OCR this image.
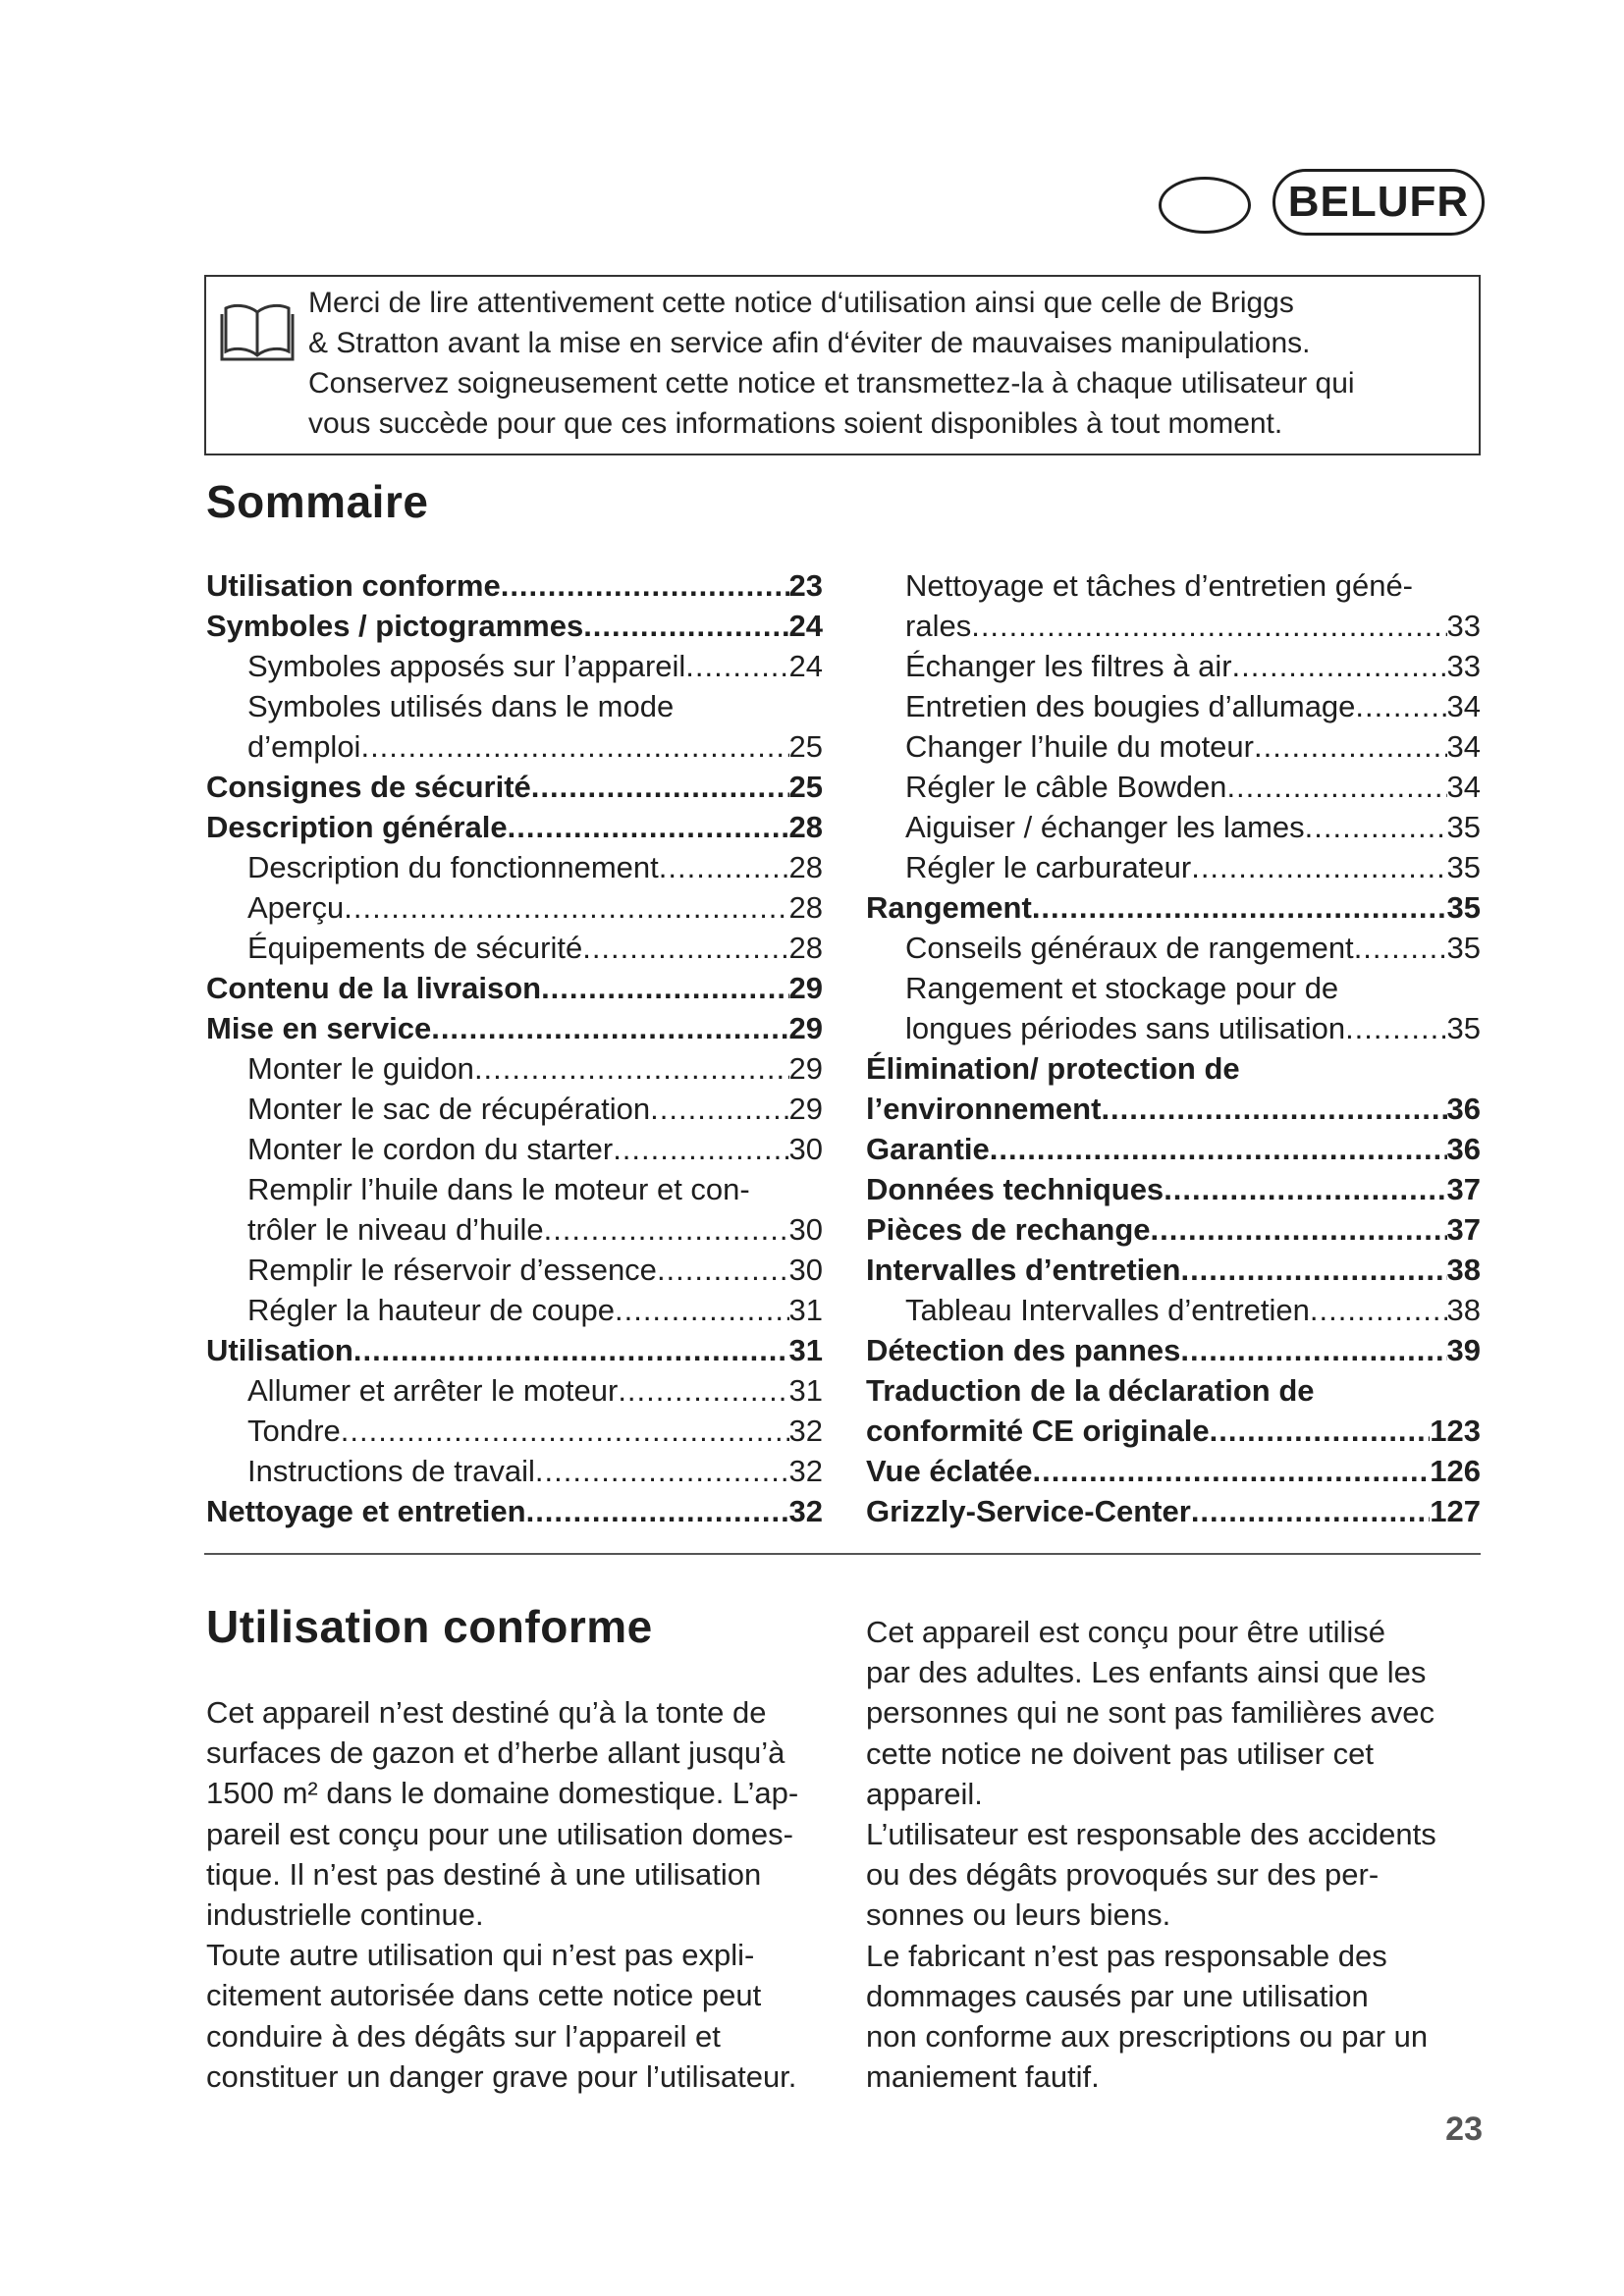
BELUFR
Merci de lire attentivement cette notice d‘utilisation ainsi que celle de Briggs
& Stratton avant la mise en service afin d‘éviter de mauvaises manipulations.
Conservez soigneusement cette notice et transmettez-la à chaque utilisateur qui
vous succède pour que ces informations soient disponibles à tout moment.
Sommaire
Utilisation conforme .....	23
Symboles / pictogrammes .....	24
Symboles apposés sur l’appareil .....	24
Symboles utilisés dans le mode
d’emploi .....	25
Consignes de sécurité .....	25
Description générale .....	28
Description du fonctionnement .....	28
Aperçu .....	28
Équipements de sécurité .....	28
Contenu de la livraison .....	29
Mise en service .....	29
Monter le guidon .....	29
Monter le sac de récupération .....	29
Monter le cordon du starter .....	30
Remplir l’huile dans le moteur et con-
trôler le niveau d’huile .....	30
Remplir le réservoir d’essence .....	30
Régler la hauteur de coupe .....	31
Utilisation .....	31
Allumer et arrêter le moteur .....	31
Tondre .....	32
Instructions de travail .....	32
Nettoyage et entretien .....	32
Nettoyage et tâches d’entretien géné-
rales .....	33
Échanger les filtres à air .....	33
Entretien des bougies d’allumage .....	34
Changer l’huile du moteur .....	34
Régler le câble Bowden .....	34
Aiguiser / échanger les lames .....	35
Régler le carburateur .....	35
Rangement .....	35
Conseils généraux de rangement .....	35
Rangement et stockage pour de
longues périodes sans utilisation .....	35
Élimination/ protection de
l’environnement .....	36
Garantie .....	36
Données techniques .....	37
Pièces de rechange .....	37
Intervalles d’entretien .....	38
Tableau Intervalles d’entretien .....	38
Détection des pannes .....	39
Traduction de la déclaration de
conformité CE originale .....	123
Vue éclatée .....	126
Grizzly-Service-Center .....	127
Utilisation conforme
Cet appareil n’est destiné qu’à la tonte de
surfaces de gazon et d’herbe allant jusqu’à
1500 m² dans le domaine domestique. L’ap-
pareil est conçu pour une utilisation domes-
tique. Il n’est pas destiné à une utilisation
industrielle continue.
Toute autre utilisation qui n’est pas expli-
citement autorisée dans cette notice peut
conduire à des dégâts sur l’appareil et
constituer un danger grave pour l’utilisateur.
Cet appareil est conçu pour être utilisé
par des adultes. Les enfants ainsi que les
personnes qui ne sont pas familières avec
cette notice ne doivent pas utiliser cet
appareil.
L’utilisateur est responsable des accidents
ou des dégâts provoqués sur des per-
sonnes ou leurs biens.
Le fabricant n’est pas responsable des
dommages causés par une utilisation
non conforme aux prescriptions ou par un
maniement fautif.
23
